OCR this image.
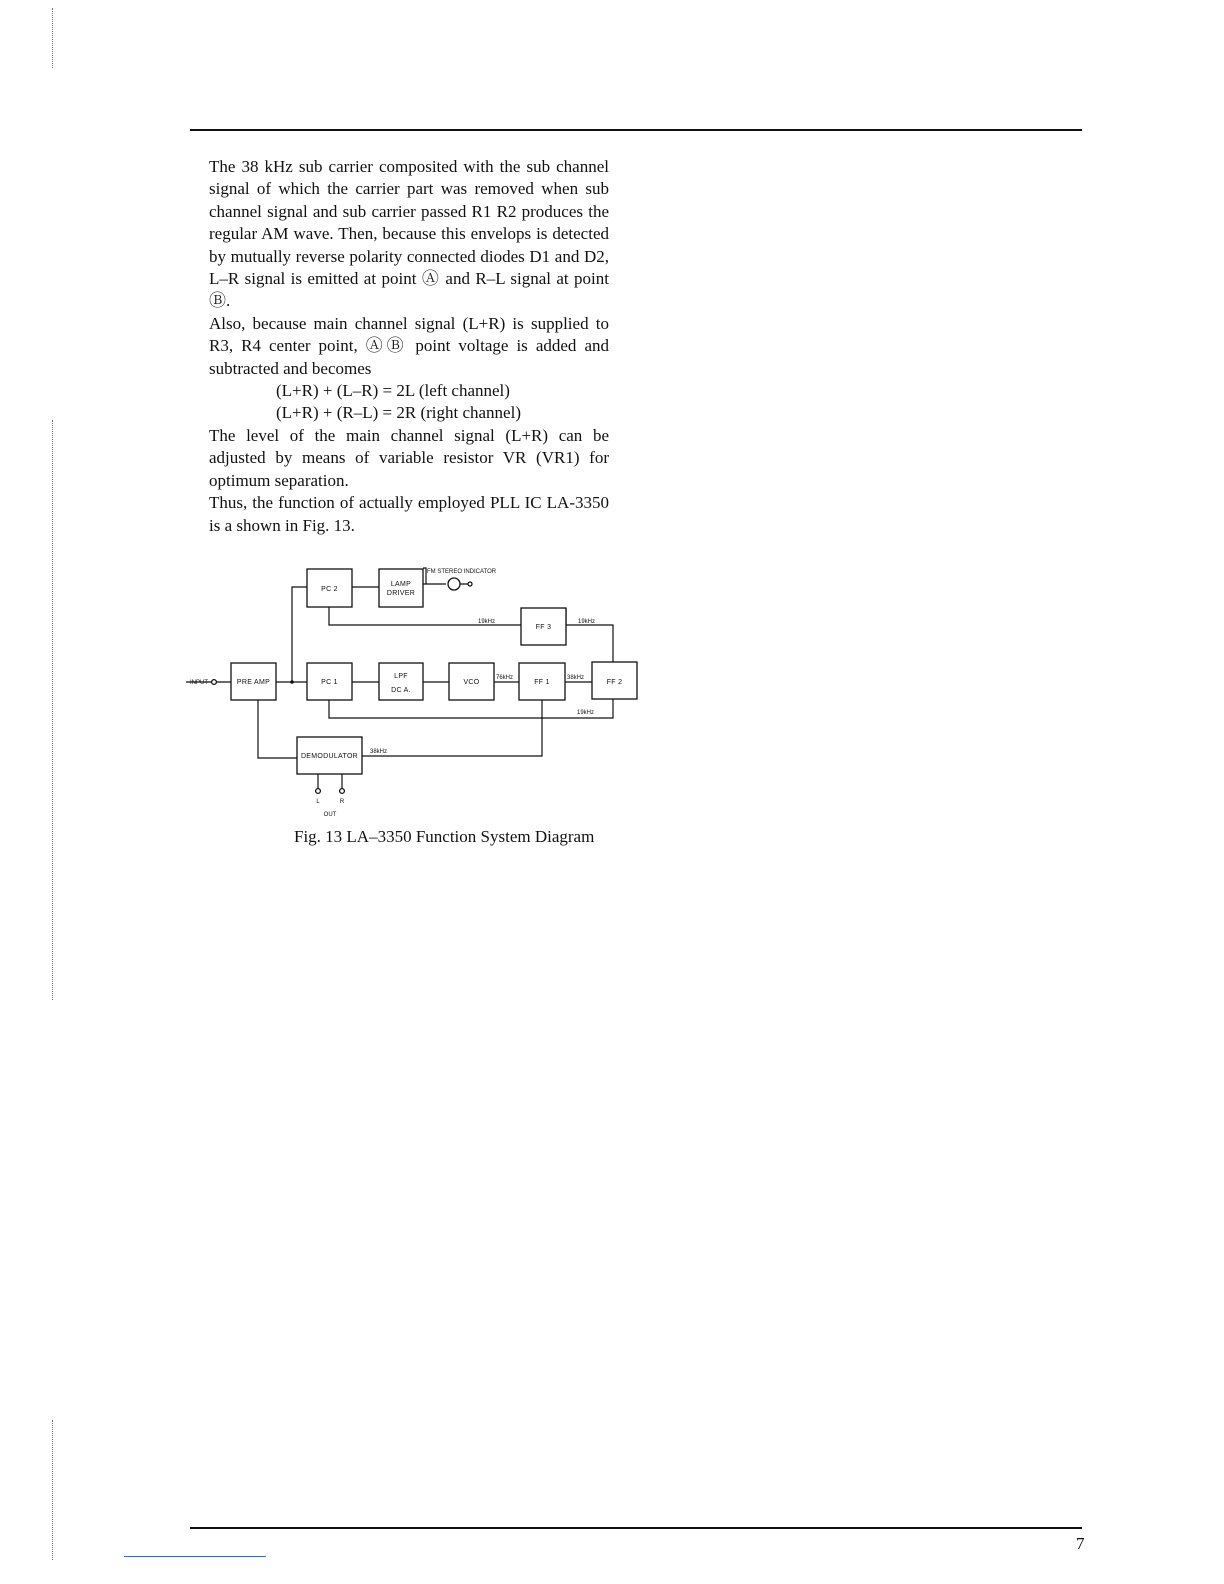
The 38 kHz sub carrier composited with the sub channel signal of which the carrier part was removed when sub channel signal and sub carrier passed R1 R2 produces the regular AM wave. Then, because this envelops is detected by mutually reverse polarity connected diodes D1 and D2, L–R signal is emitted at point Ⓐ and R–L signal at point Ⓑ.

Also, because main channel signal (L+R) is supplied to R3, R4 center point, ⒶⒷ point voltage is added and subtracted and becomes

(L+R) + (L–R) = 2L (left channel)

(L+R) + (R–L) = 2R (right channel)

The level of the main channel signal (L+R) can be adjusted by means of variable resistor VR (VR1) for optimum separation.

Thus, the function of actually employed PLL IC LA-3350 is a shown in Fig. 13.

PC 2
LAMP
DRIVER
FF 3
PRE AMP	PC 1
LPF
DC A.
VCO	FF 1	FF 2
DEMODULATOR
FM STEREO INDICATOR
INPUT
19kHz	19kHz
76kHz	38kHz
19kHz
38kHz
L	R
OUT
Fig. 13 LA–3350 Function System Diagram
7
